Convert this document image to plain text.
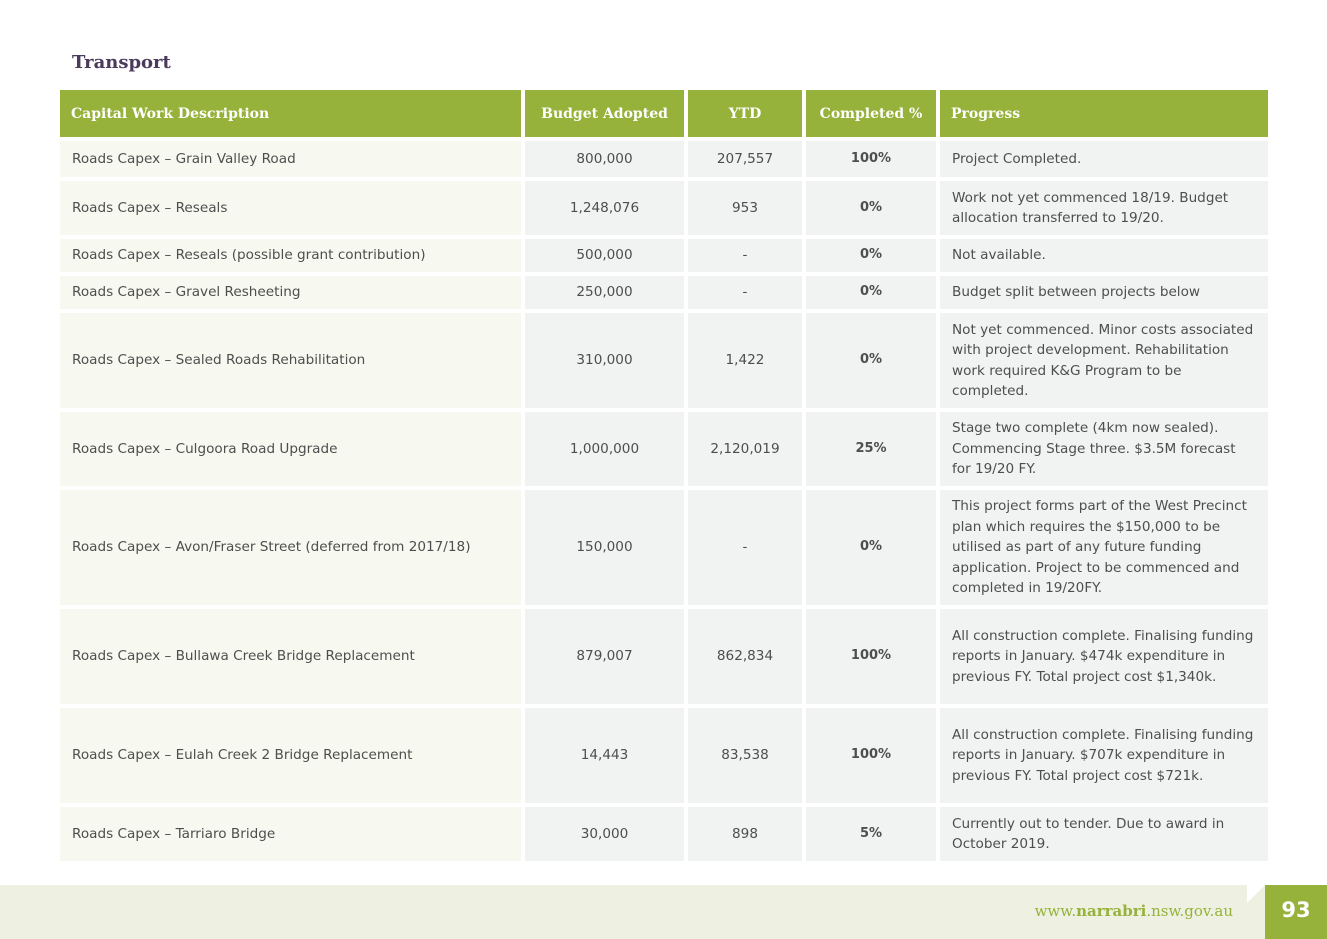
Transport
Capital Work Description	Budget Adopted	YTD	Completed %	Progress
Roads Capex – Grain Valley Road	800,000	207,557	100%	Project Completed.
Roads Capex – Reseals	1,248,076	953	0%	Work not yet commenced 18/19. Budget allocation transferred to 19/20.
Roads Capex – Reseals (possible grant contribution)	500,000	-	0%	Not available.
Roads Capex – Gravel Resheeting	250,000	-	0%	Budget split between projects below
Roads Capex – Sealed Roads Rehabilitation	310,000	1,422	0%	Not yet commenced. Minor costs associated with project development. Rehabilitation work required K&G Program to be completed.
Roads Capex – Culgoora Road Upgrade	1,000,000	2,120,019	25%	Stage two complete (4km now sealed). Commencing Stage three. $3.5M forecast for 19/20 FY.
Roads Capex – Avon/Fraser Street (deferred from 2017/18)	150,000	-	0%	This project forms part of the West Precinct plan which requires the $150,000 to be utilised as part of any future funding application. Project to be commenced and completed in 19/20FY.
Roads Capex – Bullawa Creek Bridge Replacement	879,007	862,834	100%	All construction complete. Finalising funding reports in January. $474k expenditure in previous FY. Total project cost $1,340k.
Roads Capex – Eulah Creek 2 Bridge Replacement	14,443	83,538	100%	All construction complete. Finalising funding reports in January. $707k expenditure in previous FY. Total project cost $721k.
Roads Capex – Tarriaro Bridge	30,000	898	5%	Currently out to tender. Due to award in October 2019.
www.narrabri.nsw.gov.au	93
